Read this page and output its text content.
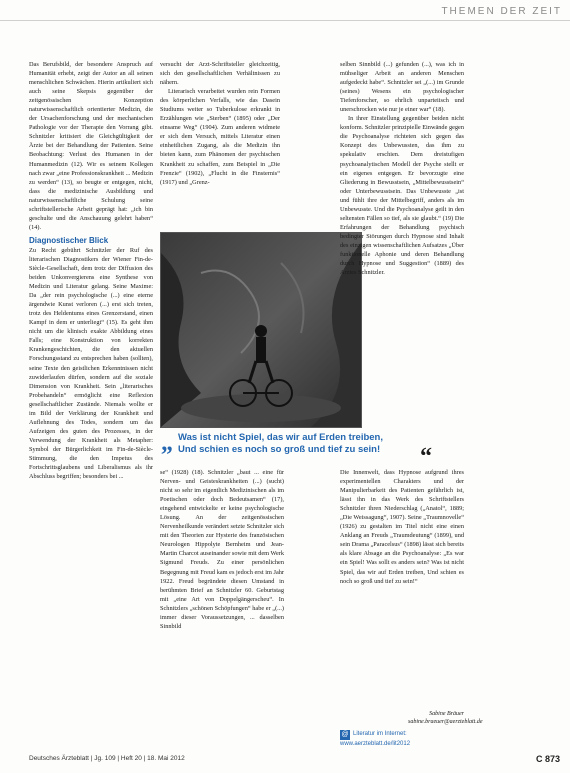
THEMEN DER ZEIT

Das Berufsbild, der besondere Anspruch auf Humanität erhebt, zeigt der Autor an all seinen menschlichen Schwächen. Hierin artikuliert sich auch seine Skepsis gegenüber der zeitgenössischen Konzeption naturwissenschaftlich orientierter Medizin, die der Ursachenforschung und der mechanischen Pathologie vor der Therapie den Vorrang gibt. Schnitzler kritisiert die Gleichgültigkeit der Ärzte bei der Behandlung der Patienten. Seine Beobachtung: Verlust des Humanen in der Humanmedizin (12). Wir es seinem Kollegen nach zwar „eine Professionskrankheit ... Medizin zu werden“ (13), so beugte er entgegen, nicht, dass die medizinische Ausbildung und naturwissenschaftliche Schulung seine schriftstellerische Arbeit geprägt hat: „ich bin geschulte und die Anschauung gelehrt haben“ (14).

Diagnostischer Blick

Zu Recht gebührt Schnitzler der Ruf des literarischen Diagnostikers der Wiener Fin-de-Siècle-Gesellschaft, dem trotz der Diffusion des beiden Unkonvergierens eine Synthese von Medizin und Literatur gelang. Seine Maxime: Da „der rein psychologische (...) eine eterne ärgendwie Kunst verloren (...) erst sich treten, trotz des Heldentums eines Grenzerstand, einen Kampf in dem er unterliegt“ (15). Es geht ihm nicht um die klinisch exakte Abbildung eines Falls; eine Konstruktion von korrekten Krankengeschichten, die den aktuellen Forschungsstand zu entsprechen haben (sollten), seine Texte den geistlichen Erkenntnissen nicht zuwiderlaufen dürfen, sondern auf die soziale Dimension von Krankheit. Sein „literarisches Probehandeln“ ermöglicht eine Reflexion gesellschaftlicher Zustände. Niemals wollte er im Bild der Verklärung der Krankheit und Auflehnung des Todes, sondern um das Aufzeigen des guten des Prozesses, in der Verwendung der Krankheit als Metapher: Symbol der Bürgerlichkeit im Fin-de-Siècle-Stimmung, die den Impetus des Fortschrittsglaubens und Liberalismus als ihr Abschluss begriffen; besonders bei ...

versucht der Arzt-Schriftsteller gleichzeitig, sich den gesellschaftlichen Verhältnissen zu nähern.

Literarisch verarbeitet wurden rein Formen des körperlichen Verfalls, wie das Dasein Studiums weiter so Tuberkulose erkrankt in Erzählungen wie „Sterben“ (1895) oder „Der einsame Weg“ (1904). Zum anderen widmete er sich dem Versuch, mittels Literatur einen einheitlichen Zugang, als die Medizin ihn bieten kann, zum Phänomen der psychischen Krankheit zu schaffen, zum Beispiel in „Die Frenzie“ (1902), „Flucht in die Finsternis“ (1917) und „Grenz-

„ Was ist nicht Spiel, das wir auf Erden treiben,
Und schien es noch so groß und tief zu sein!	“

se“ (1928) (18). Schnitzler „baut ... eine für Nerven- und Geisteskrankheiten (...) (sucht) nicht so sehr im eigentlich Medizinischen als im Poetischen oder doch Bedeutsamen“ (17), eingehend entwickelte er keine psychologische Lösung. An der zeitgenössischen Nervenheilkunde verändert setzte Schnitzler sich mit den Theorien zur Hysterie des französischen Neurologen Hippolyte Bernheim und Jean-Martin Charcot auseinander sowie mit dem Werk Sigmund Freuds. Zu einer persönlichen Begegnung mit Freud kam es jedoch erst im Jahr 1922. Freud begründete diesen Umstand in berühmten Brief an Schnitzler 60. Geburtstag mit „eine Art von Doppelgängerscheu“. In Schnitzlers „schönen Schöpfungen“ habe er „(...) immer dieser Voraussetzungen, ... dasselben Sinnbild

selben Sinnbild (...) gefunden (...), was ich in mühseliger Arbeit an anderen Menschen aufgedeckt habe“. Schnitzler sei „(...) im Grunde (seines) Wesens ein psychologischer Tiefenforscher, so ehrlich unparteiisch und unerschrocken wie nur je einer war“ (18).

In ihrer Einstellung gegenüber beiden nicht konform. Schnitzler prinzipielle Einwände gegen die Psychoanalyse richteten sich gegen das Konzept des Unbewussten, das ihm zu spekulativ erschien. Dem dreistufigen psychoanalytischen Modell der Psyche stellt er ein eigenes entgegen. Er bevorzugte eine Gliederung in Bewusstsein, „Mittelbewusstsein“ oder Unterbewusstsein. Das Unbewusste „ist und fühlt ihre der Mittelbegriff, anders als im Unbewusste. Und die Psychoanalyse geilt in den seltensten Fällen so tief, als sie glaubt.“ (19) Die Erfahrungen der Behandlung psychisch bedingter Störungen durch Hypnose sind Inhalt des einzigen wissenschaftlichen Aufsatzes „Über funktionelle Aphonie und deren Behandlung durch Hypnose und Suggestion“ (1889) des Arztes Schnitzler.

Die Innenwelt, dass Hypnose aufgrund ihres experimentellen Charakters und der Manipulierbarkeit des Patienten gefährlich ist, lässt ihn in das Werk des Schriftstellers Schnitzler ihren Niederschlag („Anatol“, 1889; „Die Weissagung“, 1907). Seine „Traumnovelle“ (1926) zu gestalten im Titel nicht eine einen Anklang an Freuds „Traumdeutung“ (1899), und sein Drama „Paracelsus“ (1898) lässt sich bereits als klare Absage an die Psychoanalyse: „Es war ein Spiel! Was sollt es anders sein? Was ist nicht Spiel, das wir auf Erden treiben, Und schien es noch so groß und tief zu sein!“

Sabine Bräuer
sabine.braeuer@aerzteblatt.de
@ Literatur im Internet:
www.aerzteblatt.de/lit2012
Deutsches Ärzteblatt | Jg. 109 | Heft 20 | 18. Mai 2012	C 873
